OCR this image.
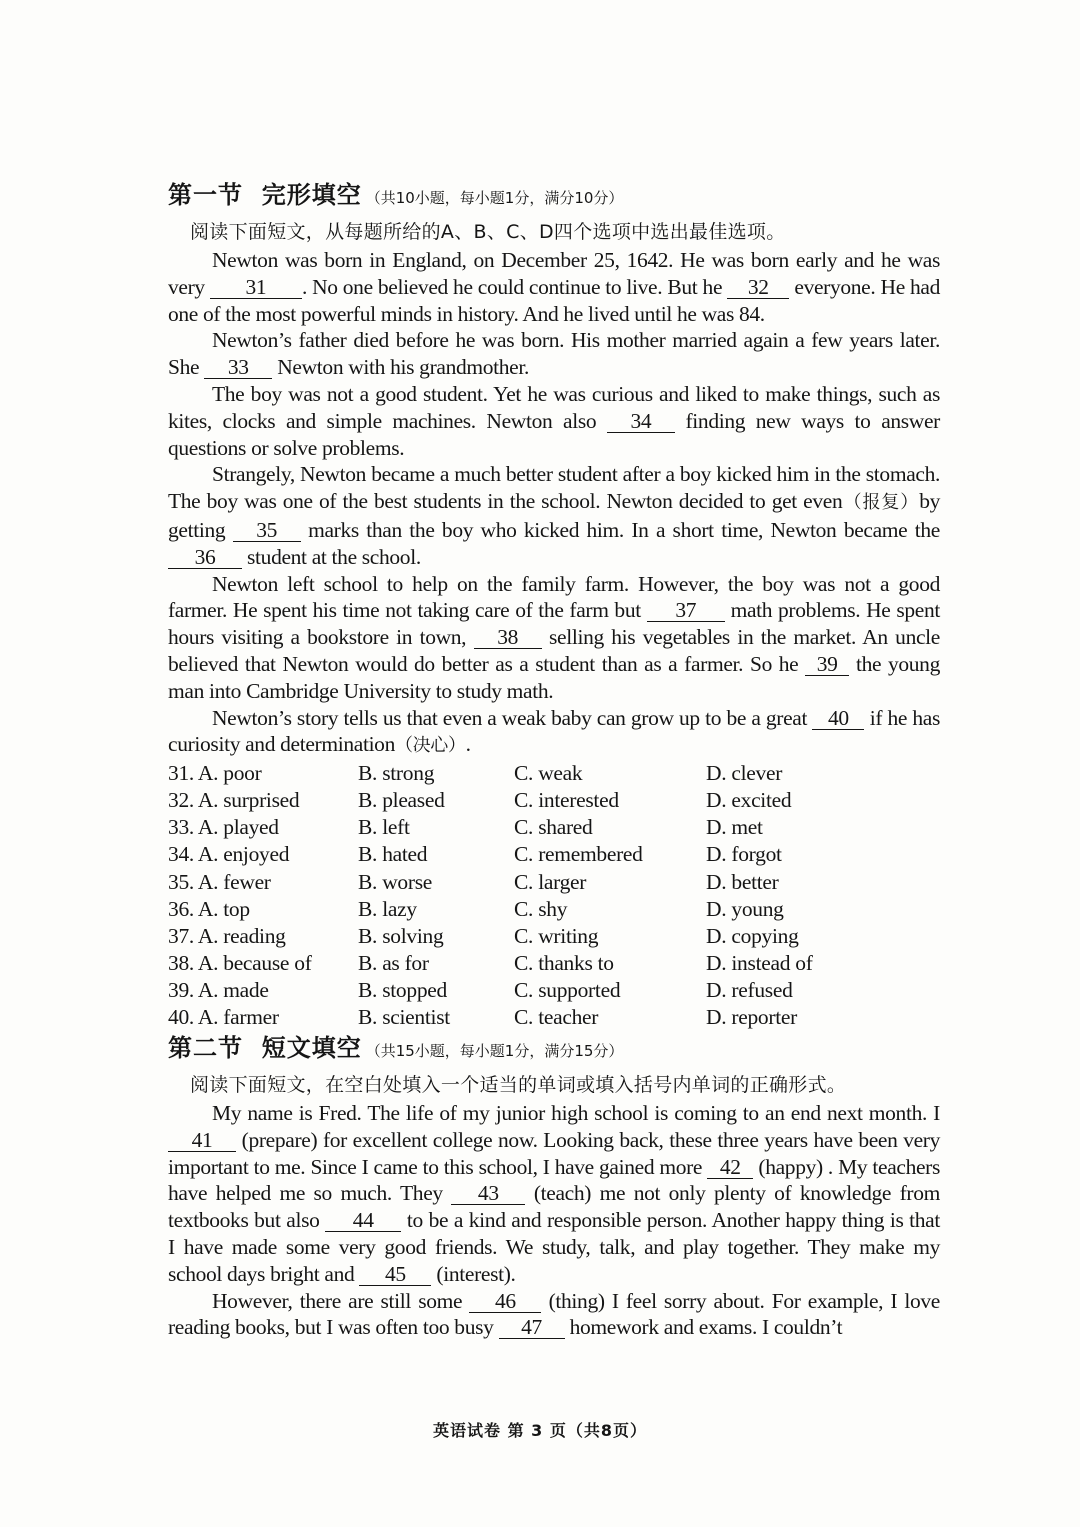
第一节  完形填空 （共10小题，每小题1分，满分10分）
阅读下面短文，从每题所给的A、B、C、D四个选项中选出最佳选项。

Newton was born in England, on December 25, 1642. He was born early and he was very 31 . No one believed he could continue to live. But he 32 everyone. He had one of the most powerful minds in history. And he lived until he was 84.

Newton’s father died before he was born. His mother married again a few years later. She 33 Newton with his grandmother.

The boy was not a good student. Yet he was curious and liked to make things, such as kites, clocks and simple machines. Newton also 34 finding new ways to answer questions or solve problems.

Strangely, Newton became a much better student after a boy kicked him in the stomach. The boy was one of the best students in the school. Newton decided to get even（报复）by getting 35 marks than the boy who kicked him. In a short time, Newton became the 36 student at the school.

Newton left school to help on the family farm. However, the boy was not a good farmer. He spent his time not taking care of the farm but 37 math problems. He spent hours visiting a bookstore in town, 38 selling his vegetables in the market. An uncle believed that Newton would do better as a student than as a farmer. So he 39 the young man into Cambridge University to study math.

Newton’s story tells us that even a weak baby can grow up to be a great 40 if he has curiosity and determination（决心）.

31. A. poor	B. strong	C. weak	D. clever
32. A. surprised	B. pleased	C. interested	D. excited
33. A. played	B. left	C. shared	D. met
34. A. enjoyed	B. hated	C. remembered	D. forgot
35. A. fewer	B. worse	C. larger	D. better
36. A. top	B. lazy	C. shy	D. young
37. A. reading	B. solving	C. writing	D. copying
38. A. because of	B. as for	C. thanks to	D. instead of
39. A. made	B. stopped	C. supported	D. refused
40. A. farmer	B. scientist	C. teacher	D. reporter
第二节  短文填空 （共15小题，每小题1分，满分15分）
阅读下面短文，在空白处填入一个适当的单词或填入括号内单词的正确形式。

My name is Fred. The life of my junior high school is coming to an end next month. I 41 (prepare) for excellent college now. Looking back, these three years have been very important to me. Since I came to this school, I have gained more 42 (happy) . My teachers have helped me so much. They 43 (teach) me not only plenty of knowledge from textbooks but also 44 to be a kind and responsible person. Another happy thing is that I have made some very good friends. We study, talk, and play together. They make my school days bright and 45 (interest).

However, there are still some 46 (thing) I feel sorry about. For example, I love reading books, but I was often too busy 47 homework and exams. I couldn’t

英语试卷 第 3 页（共8页）
